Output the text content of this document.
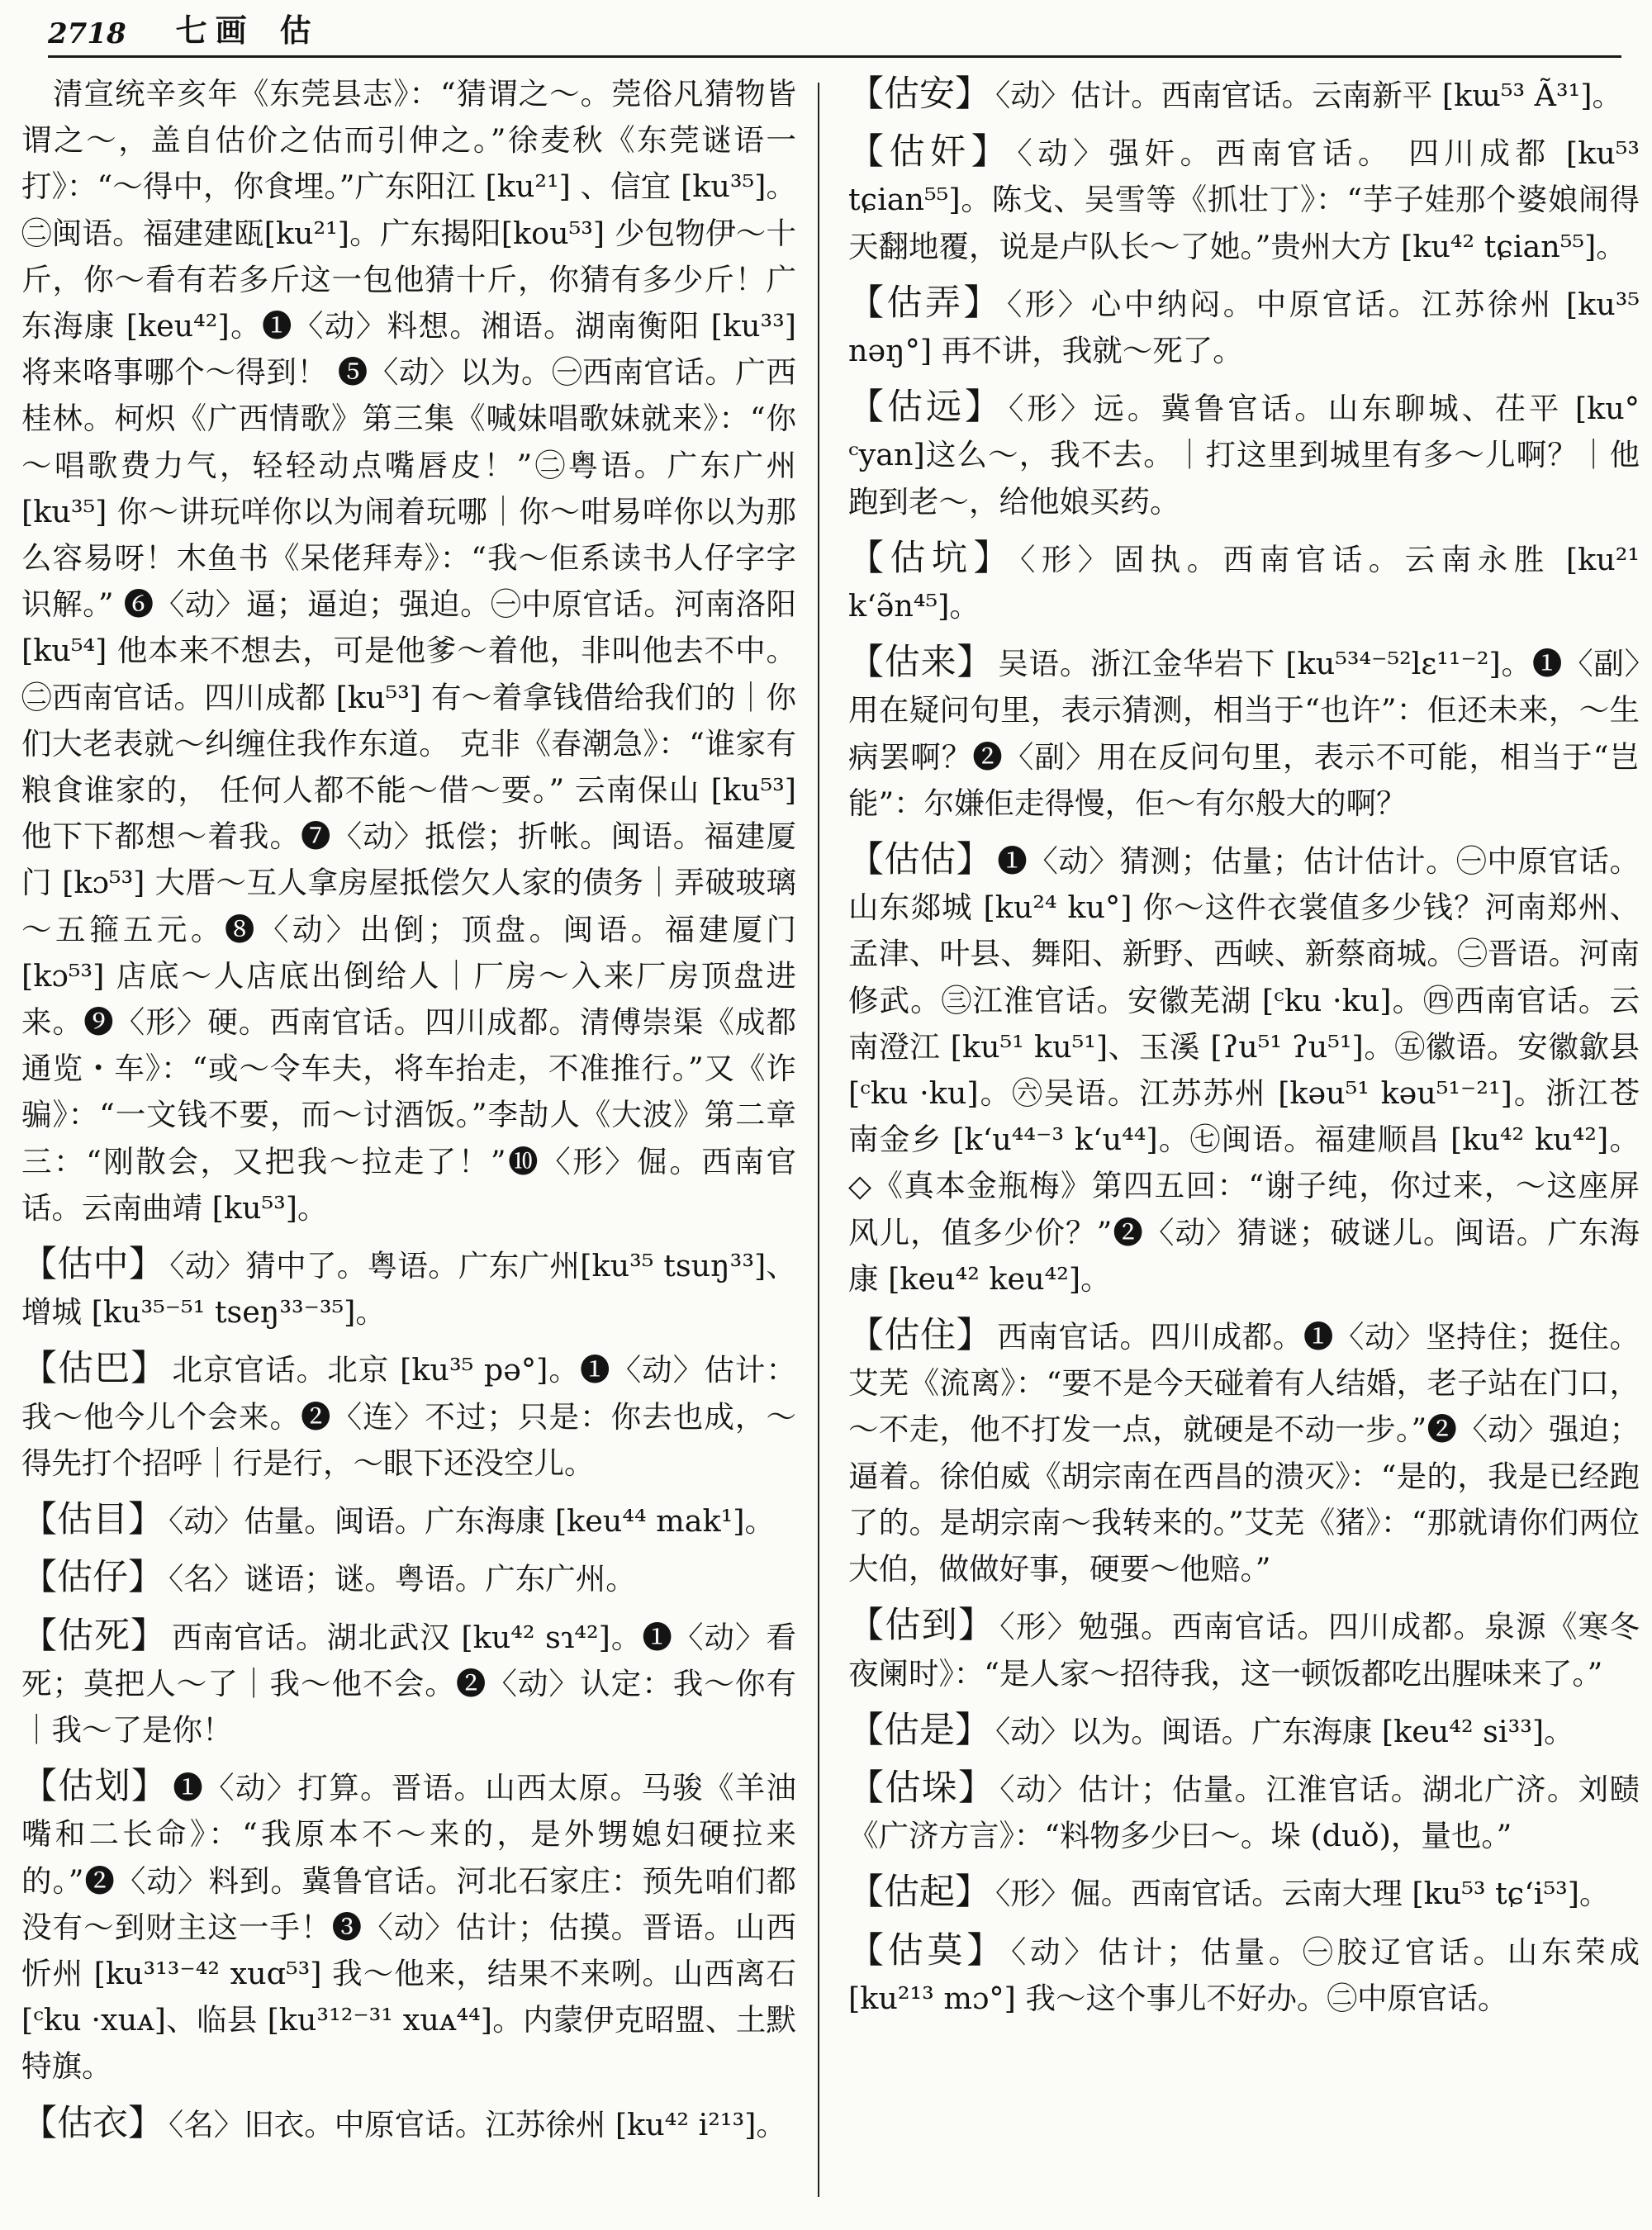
2718 七画 估

清宣统辛亥年《东莞县志》：“猜谓之～。莞俗凡猜物皆谓之～，盖自估价之估而引伸之。”徐麦秋《东莞谜语一打》：“～得中，你食埋。”广东阳江 [ku²¹] 、信宜 [ku³⁵]。㊁闽语。福建建瓯[ku²¹]。广东揭阳[kou⁵³] 少包物伊～十斤，你～看有若多斤这一包他猜十斤，你猜有多少斤！广东海康 [keu⁴²]。❶〈动〉料想。湘语。湖南衡阳 [ku³³] 将来咯事哪个～得到！ ❺〈动〉以为。㊀西南官话。广西桂林。柯炽《广西情歌》第三集《喊妹唱歌妹就来》：“你～唱歌费力气，轻轻动点嘴唇皮！”㊁粤语。广东广州 [ku³⁵] 你～讲玩咩你以为闹着玩哪｜你～咁易咩你以为那么容易呀！木鱼书《呆佬拜寿》：“我～佢系读书人仔字字识解。” ❻〈动〉逼；逼迫；强迫。㊀中原官话。河南洛阳 [ku⁵⁴] 他本来不想去，可是他爹～着他，非叫他去不中。㊁西南官话。四川成都 [ku⁵³] 有～着拿钱借给我们的｜你们大老表就～纠缠住我作东道。 克非《春潮急》：“谁家有粮食谁家的， 任何人都不能～借～要。” 云南保山 [ku⁵³] 他下下都想～着我。❼〈动〉抵偿；折帐。闽语。福建厦门 [kɔ⁵³] 大厝～互人拿房屋抵偿欠人家的债务｜弄破玻璃～五箍五元。❽〈动〉出倒；顶盘。闽语。福建厦门 [kɔ⁵³] 店底～人店底出倒给人｜厂房～入来厂房顶盘进来。❾〈形〉硬。西南官话。四川成都。清傅崇渠《成都通览・车》：“或～令车夫，将车抬走，不准推行。”又《诈骗》：“一文钱不要，而～讨酒饭。”李劼人《大波》第二章三：“刚散会，又把我～拉走了！”❿〈形〉倔。西南官话。云南曲靖 [ku⁵³]。

【估中】 〈动〉猜中了。粤语。广东广州[ku³⁵ tsuŋ³³]、增城 [ku³⁵⁻⁵¹ tseŋ³³⁻³⁵]。

【估巴】 北京官话。北京 [ku³⁵ pə°]。❶〈动〉估计：我～他今儿个会来。❷〈连〉不过；只是：你去也成，～得先打个招呼｜行是行，～眼下还没空儿。

【估目】 〈动〉估量。闽语。广东海康 [keu⁴⁴ mak¹]。

【估仔】 〈名〉谜语；谜。粤语。广东广州。

【估死】 西南官话。湖北武汉 [ku⁴² sɿ⁴²]。❶〈动〉看死；莫把人～了｜我～他不会。❷〈动〉认定：我～你有｜我～了是你！

【估划】 ❶〈动〉打算。晋语。山西太原。马骏《羊油嘴和二长命》：“我原本不～来的，是外甥媳妇硬拉来的。”❷〈动〉料到。冀鲁官话。河北石家庄：预先咱们都没有～到财主这一手！❸〈动〉估计；估摸。晋语。山西忻州 [ku³¹³⁻⁴² xuɑ⁵³] 我～他来，结果不来咧。山西离石[ᶜku ·xuᴀ]、临县 [ku³¹²⁻³¹ xuᴀ⁴⁴]。内蒙伊克昭盟、土默特旗。

【估衣】 〈名〉旧衣。中原官话。江苏徐州 [ku⁴² i²¹³]。

【估安】 〈动〉估计。西南官话。云南新平 [kɯ⁵³ Ã³¹]。

【估奸】 〈动〉强奸。西南官话。 四川成都 [ku⁵³ tɕian⁵⁵]。陈戈、吴雪等《抓壮丁》：“芋子娃那个婆娘闹得天翻地覆，说是卢队长～了她。”贵州大方 [ku⁴² tɕian⁵⁵]。

【估弄】 〈形〉心中纳闷。中原官话。江苏徐州 [ku³⁵ nəŋ°] 再不讲，我就～死了。

【估远】 〈形〉远。冀鲁官话。山东聊城、茌平 [ku° ᶜyan]这么～，我不去。｜打这里到城里有多～儿啊？｜他跑到老～，给他娘买药。

【估坑】 〈形〉固执。西南官话。云南永胜 [ku²¹ k‘ə̃n⁴⁵]。

【估来】 吴语。浙江金华岩下 [ku⁵³⁴⁻⁵²lɛ¹¹⁻²]。❶〈副〉用在疑问句里，表示猜测，相当于“也许”：佢还未来，～生病罢啊？❷〈副〉用在反问句里，表示不可能，相当于“岂能”：尔嫌佢走得慢，佢～有尔般大的啊？

【估估】 ❶〈动〉猜测；估量；估计估计。㊀中原官话。山东郯城 [ku²⁴ ku°] 你～这件衣裳值多少钱？河南郑州、孟津、叶县、舞阳、新野、西峡、新蔡商城。㊁晋语。河南修武。㊂江淮官话。安徽芜湖 [ᶜku ·ku]。㊃西南官话。云南澄江 [ku⁵¹ ku⁵¹]、玉溪 [ʔu⁵¹ ʔu⁵¹]。㊄徽语。安徽歙县[ᶜku ·ku]。㊅吴语。江苏苏州 [kəu⁵¹ kəu⁵¹⁻²¹]。浙江苍南金乡 [k‘u⁴⁴⁻³ k‘u⁴⁴]。㊆闽语。福建顺昌 [ku⁴² ku⁴²]。◇《真本金瓶梅》第四五回：“谢子纯，你过来，～这座屏风儿，值多少价？”❷〈动〉猜谜；破谜儿。闽语。广东海康 [keu⁴² keu⁴²]。

【估住】 西南官话。四川成都。❶〈动〉坚持住；挺住。艾芜《流离》：“要不是今天碰着有人结婚，老子站在门口，～不走，他不打发一点，就硬是不动一步。”❷〈动〉强迫；逼着。徐伯威《胡宗南在西昌的溃灭》：“是的，我是已经跑了的。是胡宗南～我转来的。”艾芜《猪》：“那就请你们两位大伯，做做好事，硬要～他赔。”

【估到】 〈形〉勉强。西南官话。四川成都。泉源《寒冬夜阑时》：“是人家～招待我，这一顿饭都吃出腥味来了。”

【估是】 〈动〉以为。闽语。广东海康 [keu⁴² si³³]。

【估垛】 〈动〉估计；估量。江淮官话。湖北广济。刘赜《广济方言》：“料物多少曰～。垛 (duǒ)，量也。”

【估起】 〈形〉倔。西南官话。云南大理 [ku⁵³ tɕ‘i⁵³]。

【估莫】 〈动〉估计；估量。㊀胶辽官话。山东荣成 [ku²¹³ mɔ°] 我～这个事儿不好办。㊁中原官话。
